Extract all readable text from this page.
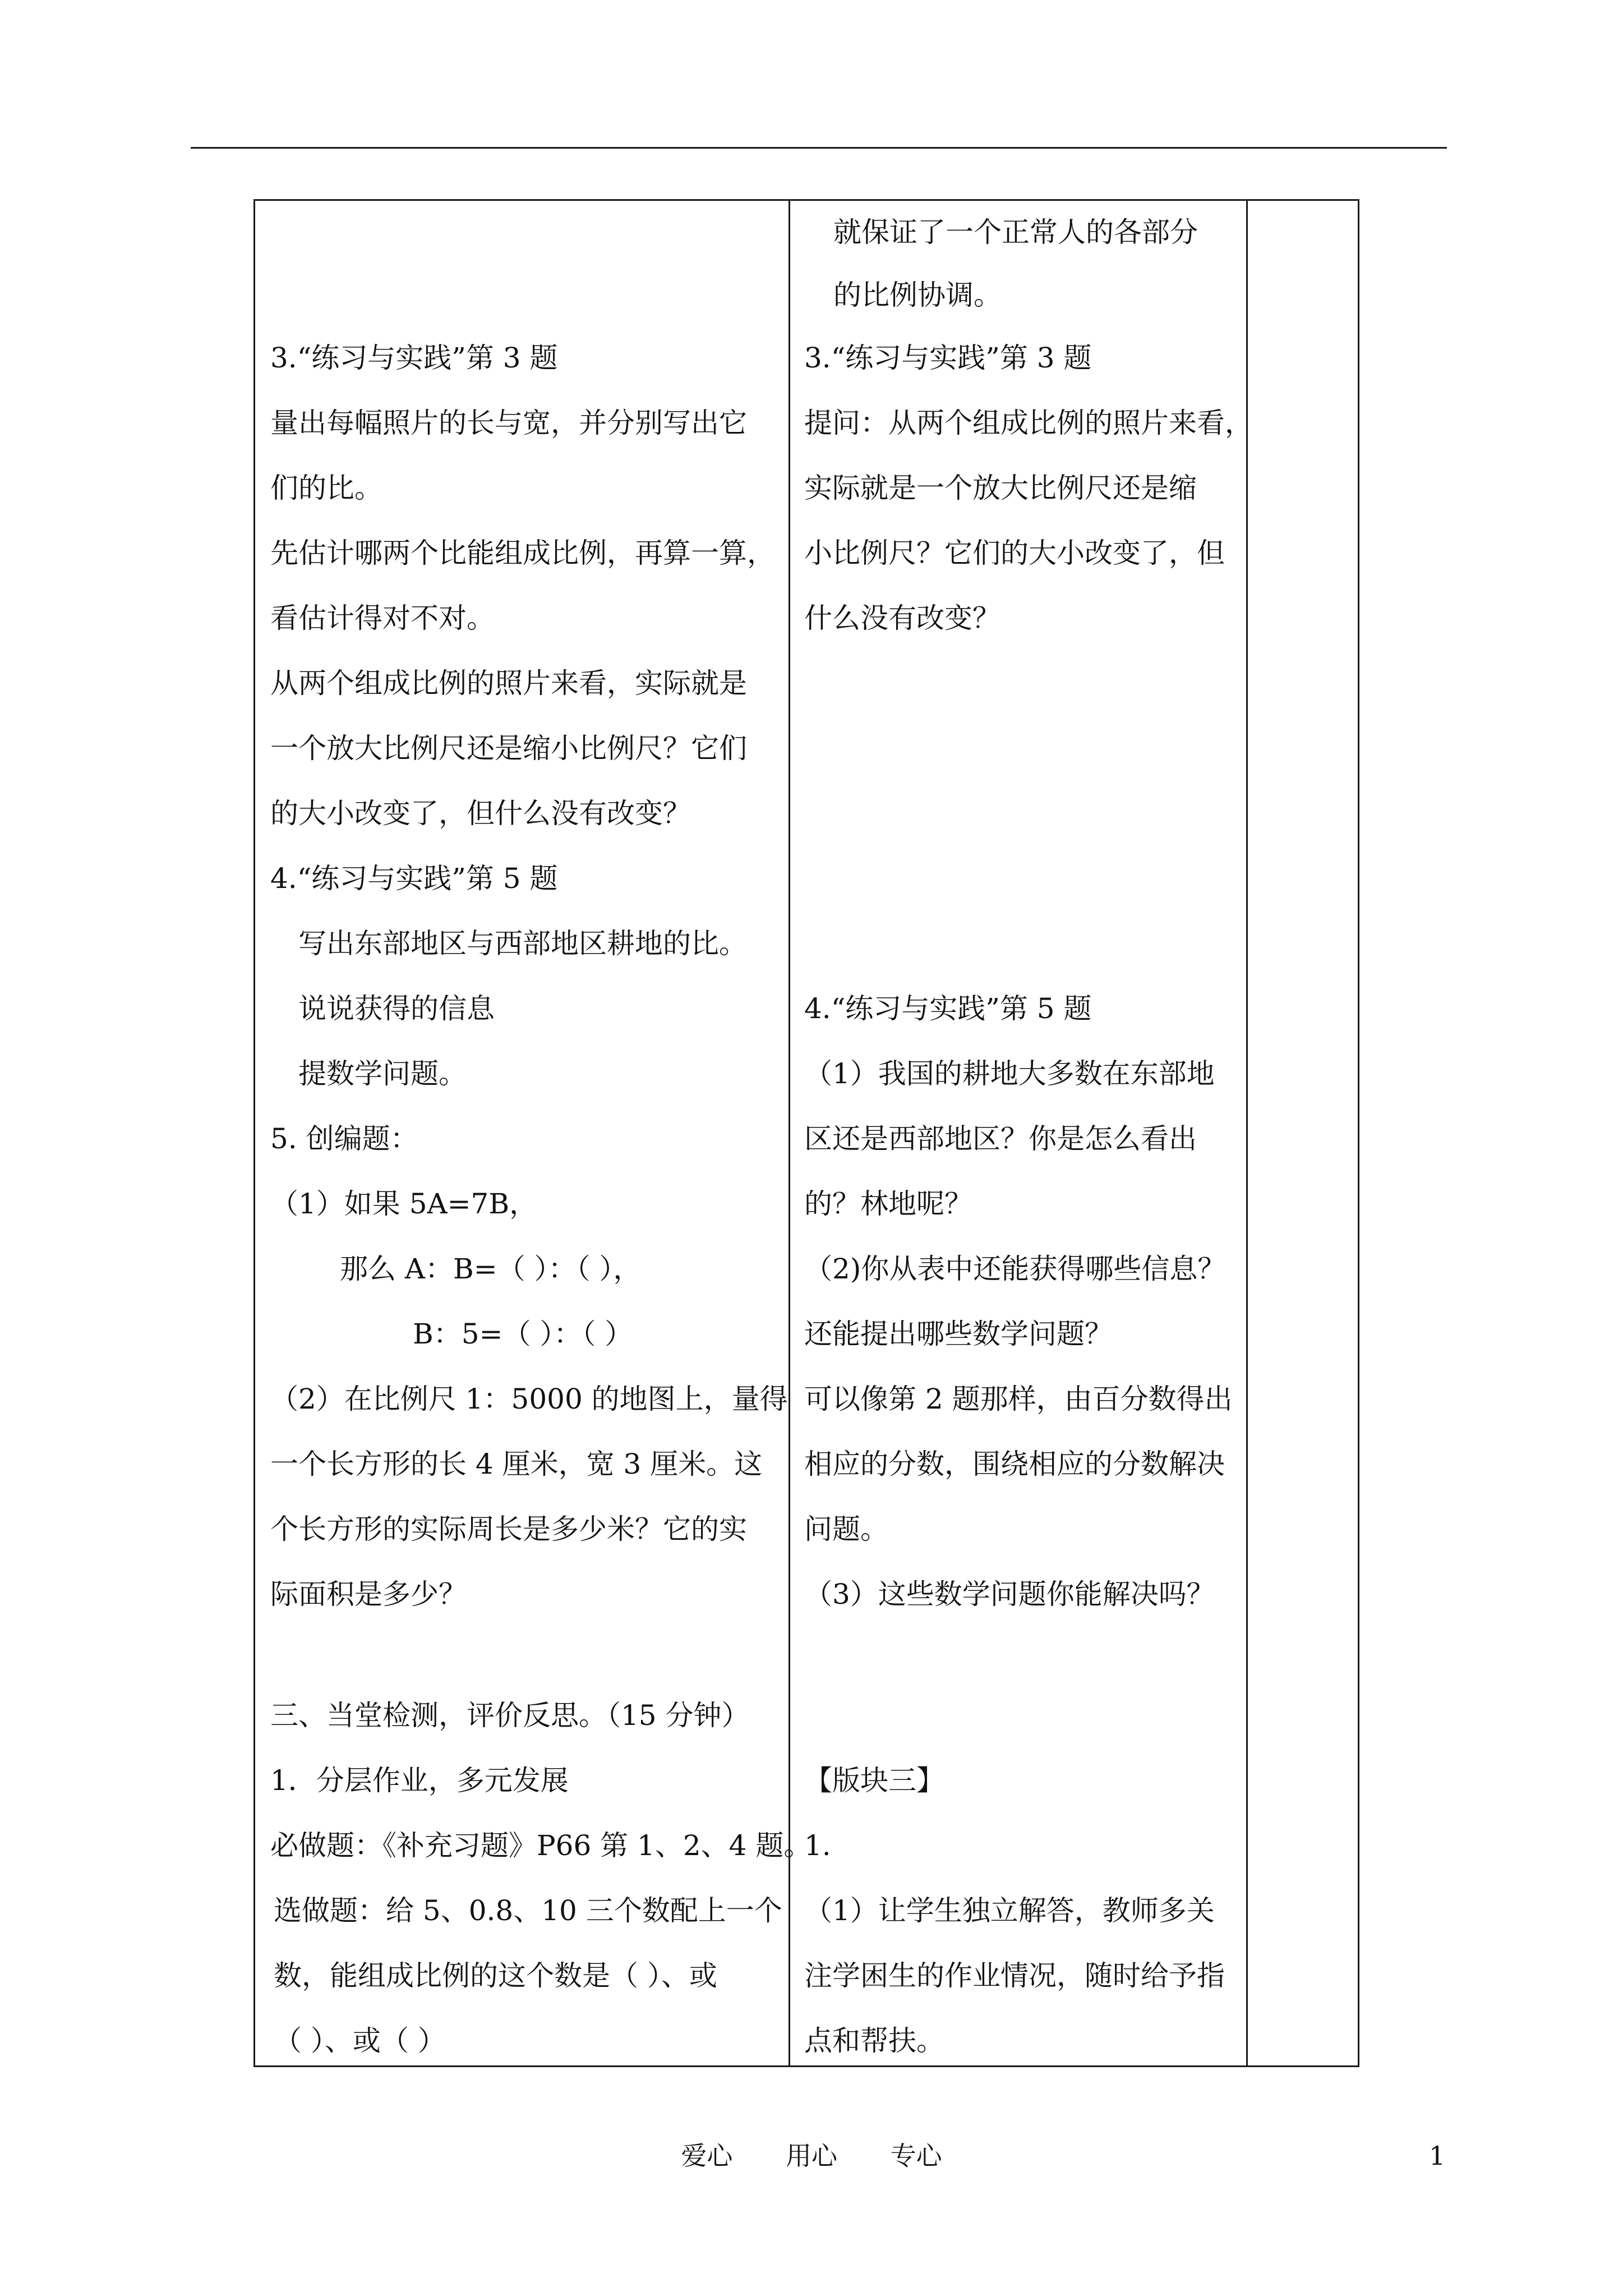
3.“练习与实践”第 3 题
量出每幅照片的长与宽，并分别写出它
们的比。
先估计哪两个比能组成比例，再算一算，
看估计得对不对。
从两个组成比例的照片来看，实际就是
一个放大比例尺还是缩小比例尺？它们
的大小改变了，但什么没有改变？
4.“练习与实践”第 5 题
写出东部地区与西部地区耕地的比。
说说获得的信息
提数学问题。
5. 创编题：
（1）如果 5A=7B，
那么 A：B=（ ）：（ ），
B：5=（ ）：（ ）
（2）在比例尺 1：5000 的地图上，量得
一个长方形的长 4 厘米，宽 3 厘米。这
个长方形的实际周长是多少米？它的实
际面积是多少？
三、当堂检测，评价反思。（15 分钟）
1．分层作业，多元发展
必做题：《补充习题》P66 第 1、2、4 题。
选做题：给 5、0.8、10 三个数配上一个
数，能组成比例的这个数是（ ）、或
（ ）、或（ ）
就保证了一个正常人的各部分
的比例协调。
3.“练习与实践”第 3 题
提问：从两个组成比例的照片来看，
实际就是一个放大比例尺还是缩
小比例尺？它们的大小改变了，但
什么没有改变？
4.“练习与实践”第 5 题
（1）我国的耕地大多数在东部地
区还是西部地区？你是怎么看出
的？林地呢？
（2)你从表中还能获得哪些信息？
还能提出哪些数学问题？
可以像第 2 题那样，由百分数得出
相应的分数，围绕相应的分数解决
问题。
（3）这些数学问题你能解决吗？
【版块三】
1.
（1）让学生独立解答，教师多关
注学困生的作业情况，随时给予指
点和帮扶。
爱心 用心 专心	1
